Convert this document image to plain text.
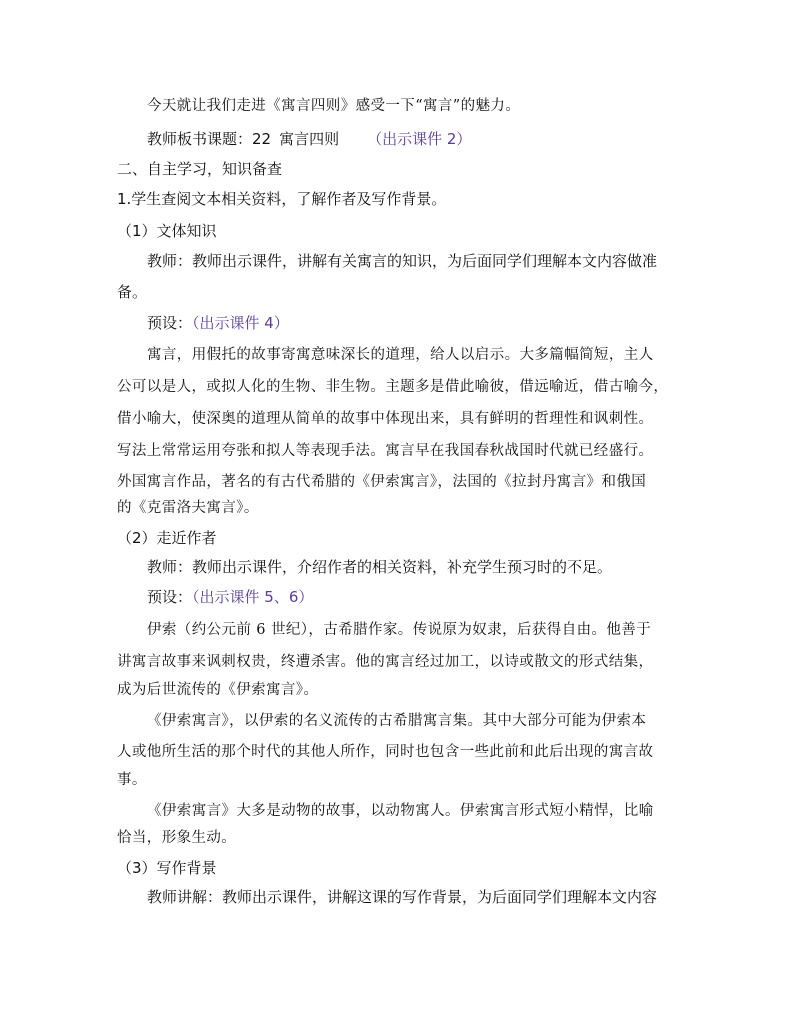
今天就让我们走进《寓言四则》感受一下“寓言”的魅力。
教师板书课题：22 寓言四则 （出示课件 2）
二、自主学习，知识备查
1.学生查阅文本相关资料，了解作者及写作背景。
（1）文体知识
教师：教师出示课件，讲解有关寓言的知识，为后面同学们理解本文内容做准
备。
预设：（出示课件 4）
寓言，用假托的故事寄寓意味深长的道理，给人以启示。大多篇幅简短，主人
公可以是人，或拟人化的生物、非生物。主题多是借此喻彼，借远喻近，借古喻今，
借小喻大，使深奥的道理从简单的故事中体现出来，具有鲜明的哲理性和讽刺性。
写法上常常运用夸张和拟人等表现手法。寓言早在我国春秋战国时代就已经盛行。
外国寓言作品，著名的有古代希腊的《伊索寓言》，法国的《拉封丹寓言》和俄国
的《克雷洛夫寓言》。
（2）走近作者
教师：教师出示课件，介绍作者的相关资料，补充学生预习时的不足。
预设：（出示课件 5、6）
伊索（约公元前 6 世纪），古希腊作家。传说原为奴隶，后获得自由。他善于
讲寓言故事来讽刺权贵，终遭杀害。他的寓言经过加工，以诗或散文的形式结集，
成为后世流传的《伊索寓言》。
《伊索寓言》，以伊索的名义流传的古希腊寓言集。其中大部分可能为伊索本
人或他所生活的那个时代的其他人所作，同时也包含一些此前和此后出现的寓言故
事。
《伊索寓言》大多是动物的故事，以动物寓人。伊索寓言形式短小精悍，比喻
恰当，形象生动。
（3）写作背景
教师讲解：教师出示课件，讲解这课的写作背景，为后面同学们理解本文内容
